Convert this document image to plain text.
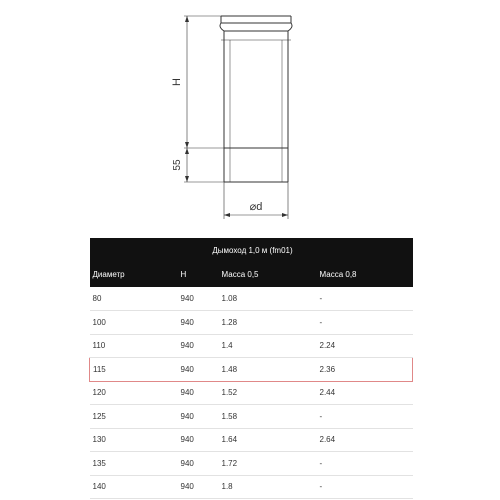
H
55
⌀d
Дымоход 1,0 м (fm01)			
Диаметр	H	Масса 0,5	Масса 0,8
80	940	1.08	-
100	940	1.28	-
110	940	1.4	2.24
115	940	1.48	2.36
120	940	1.52	2.44
125	940	1.58	-
130	940	1.64	2.64
135	940	1.72	-
140	940	1.8	-
